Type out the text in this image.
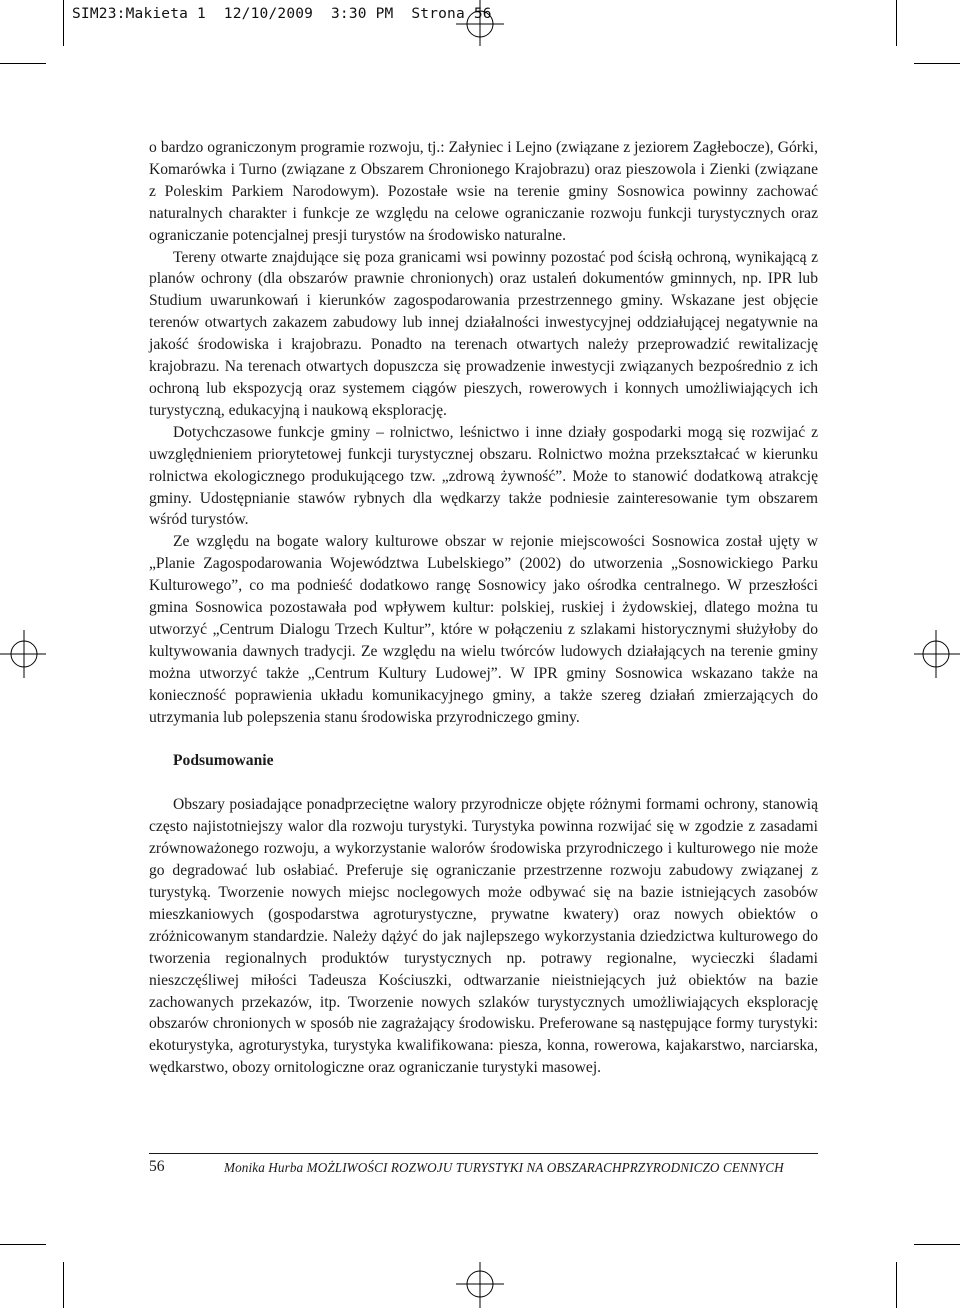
SIM23:Makieta 1  12/10/2009  3:30 PM  Strona 56

o bardzo ograniczonym programie rozwoju, tj.: Załyniec i Lejno (związane z jeziorem Zagłebocze), Górki, Komarówka i Turno (związane z Obszarem Chronionego Krajobrazu) oraz pieszowola i Zienki (związane z Poleskim Parkiem Narodowym). Pozostałe wsie na terenie gminy Sosnowica powinny zachować naturalnych charakter i funkcje ze względu na celowe ograniczanie rozwoju funkcji turystycznych oraz ograniczanie potencjalnej presji turystów na środowisko naturalne.

Tereny otwarte znajdujące się poza granicami wsi powinny pozostać pod ścisłą ochroną, wynikającą z planów ochrony (dla obszarów prawnie chronionych) oraz ustaleń dokumentów gminnych, np. IPR lub Studium uwarunkowań i kierunków zagospodarowania przestrzennego gminy. Wskazane jest objęcie terenów otwartych zakazem zabudowy lub innej działalności inwestycyjnej oddziałującej negatywnie na jakość środowiska i krajobrazu. Ponadto na terenach otwartych należy przeprowadzić rewitalizację krajobrazu. Na terenach otwartych dopuszcza się prowadzenie inwestycji związanych bezpośrednio z ich ochroną lub ekspozycją oraz systemem ciągów pieszych, rowerowych i konnych umożliwiających ich turystyczną, edukacyjną i naukową eksplorację.

Dotychczasowe funkcje gminy – rolnictwo, leśnictwo i inne działy gospodarki mogą się rozwijać z uwzględnieniem priorytetowej funkcji turystycznej obszaru. Rolnictwo można przekształcać w kierunku rolnictwa ekologicznego produkującego tzw. „zdrową żywność”. Może to stanowić dodatkową atrakcję gminy. Udostępnianie stawów rybnych dla wędkarzy także podniesie zainteresowanie tym obszarem wśród turystów.

Ze względu na bogate walory kulturowe obszar w rejonie miejscowości Sosnowica został ujęty w „Planie Zagospodarowania Województwa Lubelskiego” (2002) do utworzenia „Sosnowickiego Parku Kulturowego”, co ma podnieść dodatkowo rangę Sosnowicy jako ośrodka centralnego. W przeszłości gmina Sosnowica pozostawała pod wpływem kultur: polskiej, ruskiej i żydowskiej, dlatego można tu utworzyć „Centrum Dialogu Trzech Kultur”, które w połączeniu z szlakami historycznymi służyłoby do kultywowania dawnych tradycji. Ze względu na wielu twórców ludowych działających na terenie gminy można utworzyć także „Centrum Kultury Ludowej”. W IPR gminy Sosnowica wskazano także na konieczność poprawienia układu komunikacyjnego gminy, a także szereg działań zmierzających do utrzymania lub polepszenia stanu środowiska przyrodniczego gminy.

Podsumowanie

Obszary posiadające ponadprzeciętne walory przyrodnicze objęte różnymi formami ochrony, stanowią często najistotniejszy walor dla rozwoju turystyki. Turystyka powinna rozwijać się w zgodzie z zasadami zrównoważonego rozwoju, a wykorzystanie walorów środowiska przyrodniczego i kulturowego nie może go degradować lub osłabiać. Preferuje się ograniczanie przestrzenne rozwoju zabudowy związanej z turystyką. Tworzenie nowych miejsc noclegowych może odbywać się na bazie istniejących zasobów mieszkaniowych (gospodarstwa agroturystyczne, prywatne kwatery) oraz nowych obiektów o zróżnicowanym standardzie. Należy dążyć do jak najlepszego wykorzystania dziedzictwa kulturowego do tworzenia regionalnych produktów turystycznych np. potrawy regionalne, wycieczki śladami nieszczęśliwej miłości Tadeusza Kościuszki, odtwarzanie nieistniejących już obiektów na bazie zachowanych przekazów, itp. Tworzenie nowych szlaków turystycznych umożliwiających eksplorację obszarów chronionych w sposób nie zagrażający środowisku. Preferowane są następujące formy turystyki: ekoturystyka, agroturystyka, turystyka kwalifikowana: piesza, konna, rowerowa, kajakarstwo, narciarska, wędkarstwo, obozy ornitologiczne oraz ograniczanie turystyki masowej.

56	Monika Hurba MOŻLIWOŚCI ROZWOJU TURYSTYKI NA OBSZARACHPRZYRODNICZO CENNYCH
